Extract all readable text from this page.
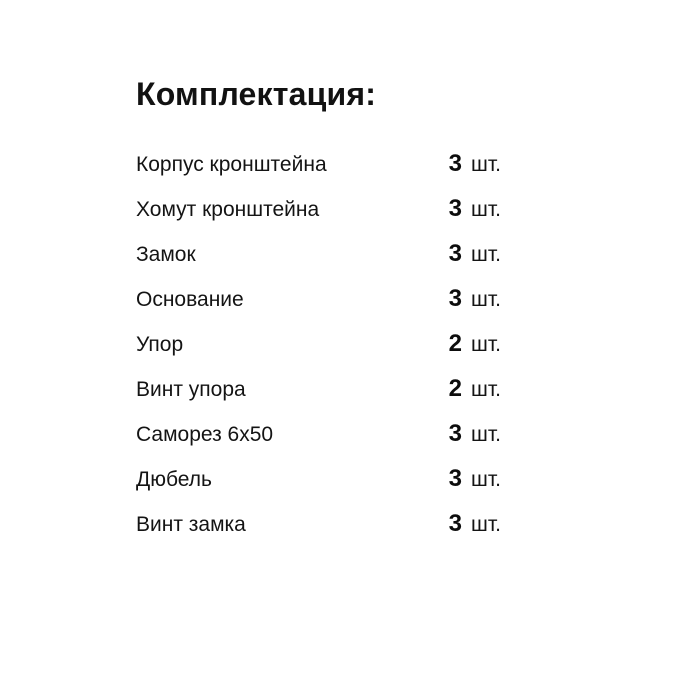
Комплектация:
Корпус кронштейна	3 шт.
Хомут кронштейна	3 шт.
Замок	3 шт.
Основание	3 шт.
Упор	2 шт.
Винт упора	2 шт.
Саморез 6х50	3 шт.
Дюбель	3 шт.
Винт замка	3 шт.
